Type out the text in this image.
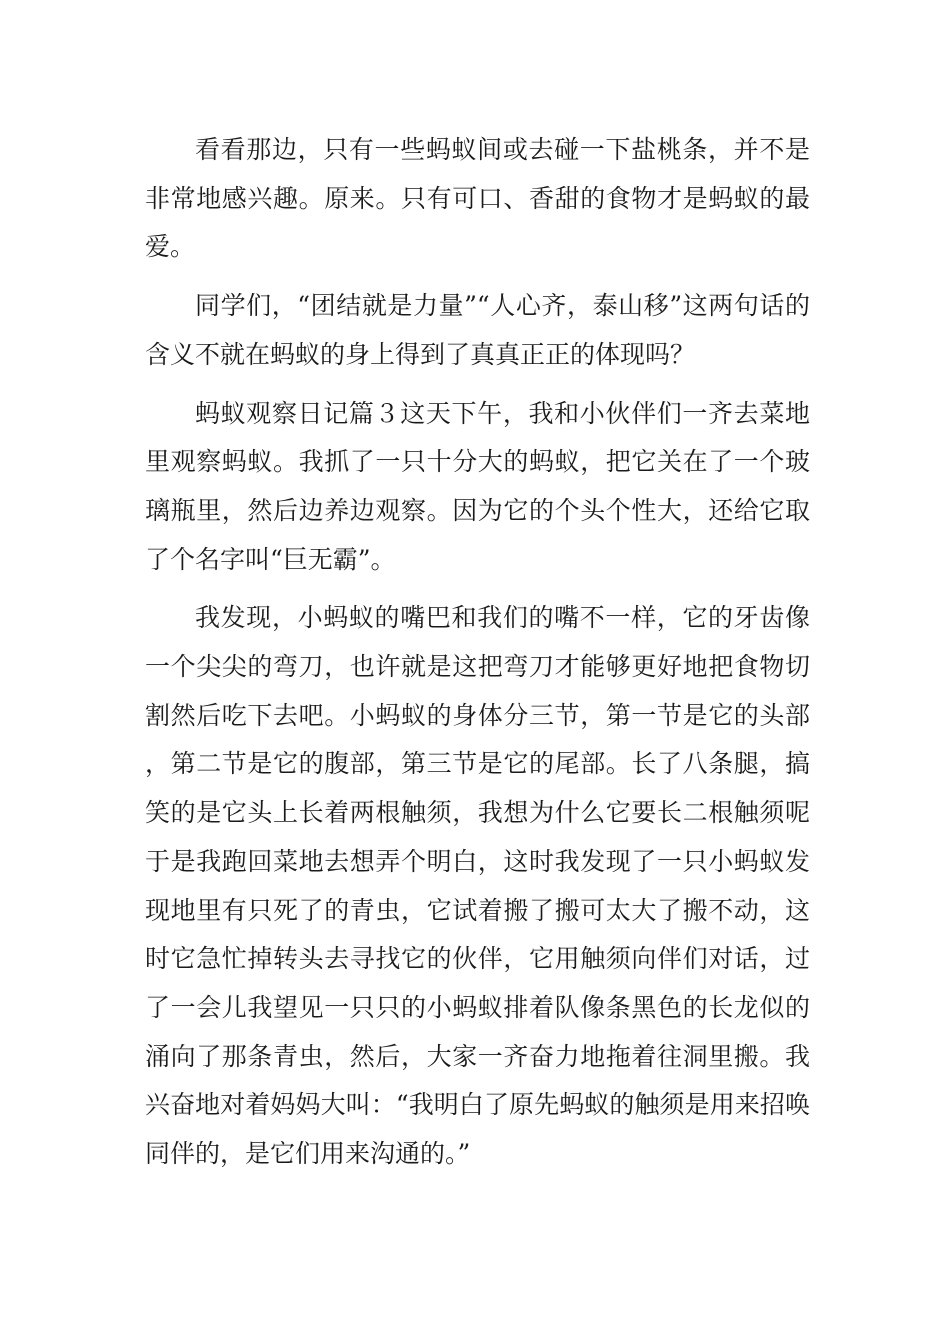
看看那边，只有一些蚂蚁间或去碰一下盐桃条，并不是非常地感兴趣。原来。只有可口、香甜的食物才是蚂蚁的最爱。

同学们，“团结就是力量”“人心齐，泰山移”这两句话的含义不就在蚂蚁的身上得到了真真正正的体现吗？

蚂蚁观察日记篇３这天下午，我和小伙伴们一齐去菜地里观察蚂蚁。我抓了一只十分大的蚂蚁，把它关在了一个玻璃瓶里，然后边养边观察。因为它的个头个性大，还给它取了个名字叫“巨无霸”。

我发现，小蚂蚁的嘴巴和我们的嘴不一样，它的牙齿像一个尖尖的弯刀，也许就是这把弯刀才能够更好地把食物切割然后吃下去吧。小蚂蚁的身体分三节，第一节是它的头部，第二节是它的腹部，第三节是它的尾部。长了八条腿，搞笑的是它头上长着两根触须，我想为什么它要长二根触须呢于是我跑回菜地去想弄个明白，这时我发现了一只小蚂蚁发现地里有只死了的青虫，它试着搬了搬可太大了搬不动，这时它急忙掉转头去寻找它的伙伴，它用触须向伴们对话，过了一会儿我望见一只只的小蚂蚁排着队像条黑色的长龙似的涌向了那条青虫，然后，大家一齐奋力地拖着往洞里搬。我兴奋地对着妈妈大叫：“我明白了原先蚂蚁的触须是用来招唤同伴的，是它们用来沟通的。”
